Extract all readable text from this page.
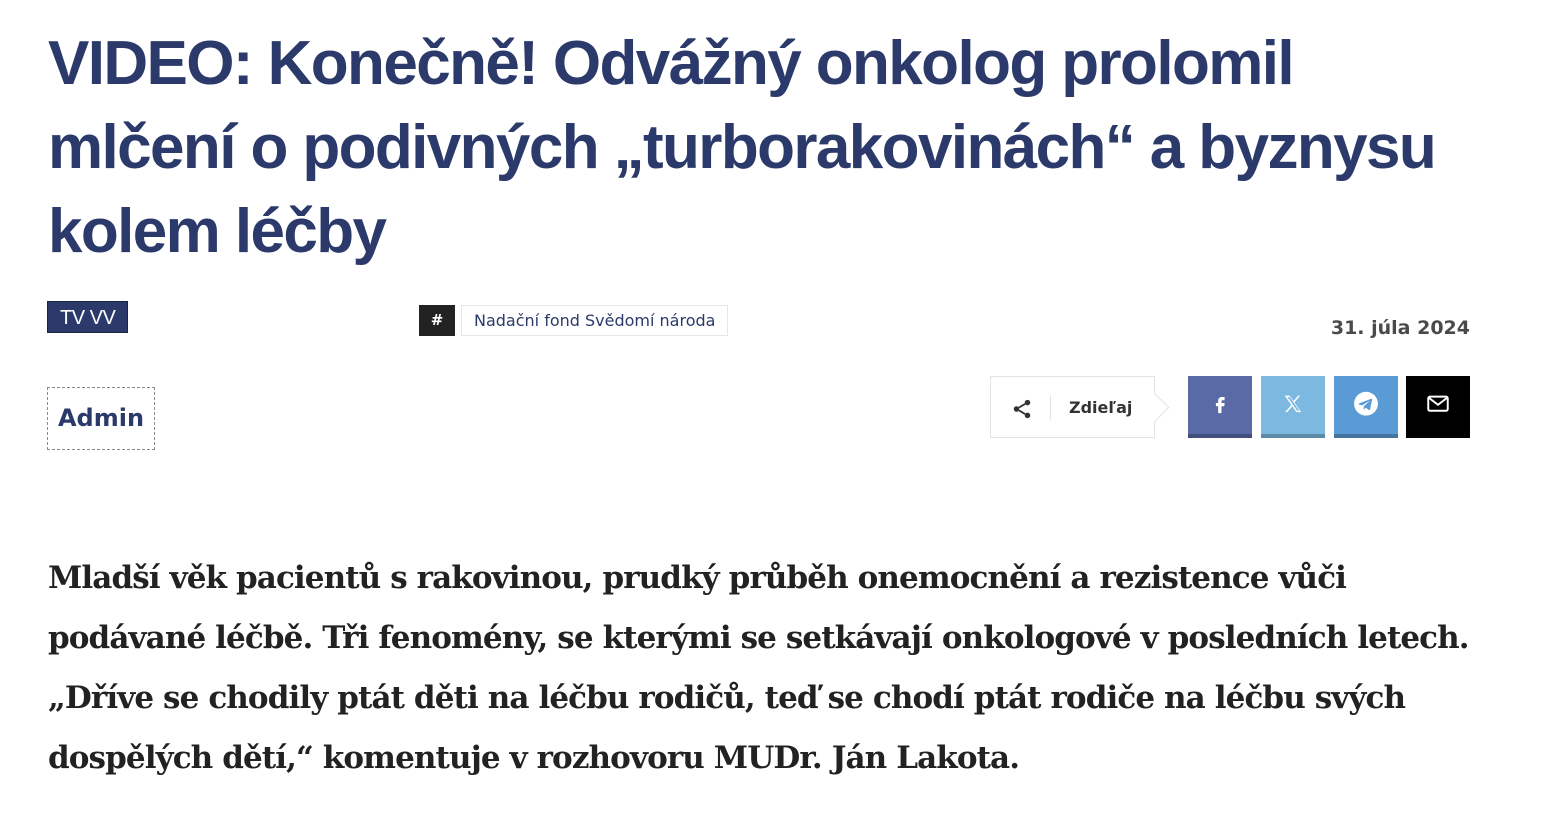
VIDEO: Konečně! Odvážný onkolog prolomil mlčení o podivných „turborakovinách“ a byznysu kolem léčby
TV VV	#	Nadační fond Svědomí národa	31. júla 2024
Admin	Zdieľaj

Mladší věk pacientů s rakovinou, prudký průběh onemocnění a rezistence vůči podávané léčbě. Tři fenomény, se kterými se setkávají onkologové v posledních letech. „Dříve se chodily ptát děti na léčbu rodičů, teď se chodí ptát rodiče na léčbu svých dospělých dětí,“ komentuje v rozhovoru MUDr. Ján Lakota.
